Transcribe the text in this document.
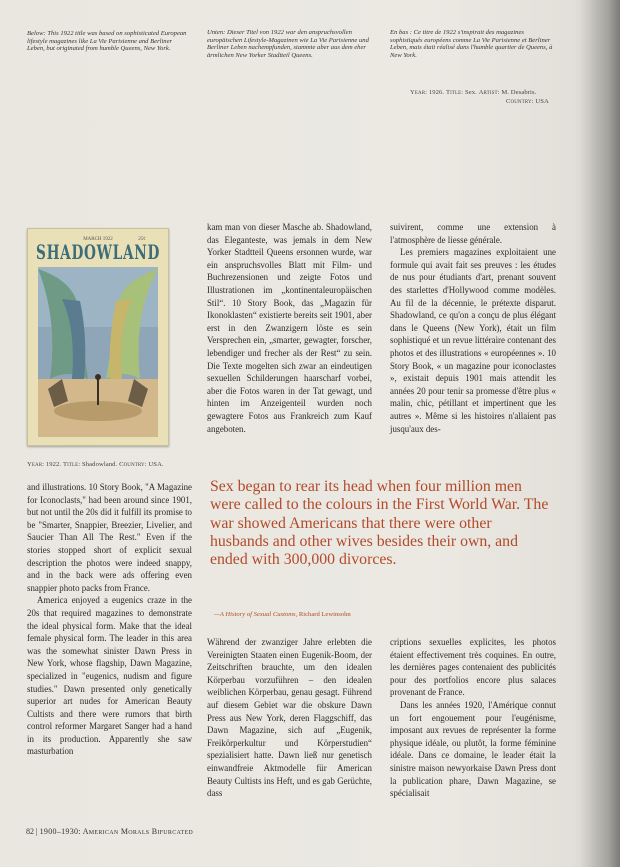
Below: This 1922 title was based on sophisticated European lifestyle magazines like La Vie Parisienne and Berliner Leben, but originated from humble Queens, New York.
Unten: Dieser Titel von 1922 war den anspruchsvollen europäischen Lifestyle-Magazinen wie La Vie Parisienne und Berliner Leben nachempfunden, stammte aber aus dem eher ärmlichen New Yorker Stadtteil Queens.
En bas : Ce titre de 1922 s'inspirait des magazines sophistiqués européens comme La Vie Parisienne et Berliner Leben, mais était réalisé dans l'humble quartier de Queens, à New York.
Year: 1926. Title: Sex. Artist: M. Desabris.
Country: USA
MARCH 1922	25¢
SHADOWLAND
Year: 1922. Title: Shadowland. Country: USA.

kam man von dieser Masche ab. Shadowland, das Eleganteste, was jemals in dem New Yorker Stadtteil Queens ersonnen wurde, war ein anspruchsvolles Blatt mit Film- und Buchrezensionen und zeigte Fotos und Illustrationen im „kontinentaleuropäischen Stil“. 10 Story Book, das „Magazin für Ikonoklasten“ existierte bereits seit 1901, aber erst in den Zwanzigern löste es sein Versprechen ein, „smarter, gewagter, forscher, lebendiger und frecher als der Rest“ zu sein. Die Texte mogelten sich zwar an eindeutigen sexuellen Schilderungen haarscharf vorbei, aber die Fotos waren in der Tat gewagt, und hinten im Anzeigenteil wurden noch gewagtere Fotos aus Frankreich zum Kauf angeboten.

suivirent, comme une extension à l'atmosphère de liesse générale.

Les premiers magazines exploitaient une formule qui avait fait ses preuves : les études de nus pour étudiants d'art, prenant souvent des starlettes d'Hollywood comme modèles. Au fil de la décennie, le prétexte disparut. Shadowland, ce qu'on a conçu de plus élégant dans le Queens (New York), était un film sophistiqué et un revue littéraire contenant des photos et des illustrations « européennes ». 10 Story Book, « un magazine pour iconoclastes », existait depuis 1901 mais attendit les années 20 pour tenir sa promesse d'être plus « malin, chic, pétillant et impertinent que les autres ». Même si les histoires n'allaient pas jusqu'aux des-

and illustrations. 10 Story Book, "A Magazine for Iconoclasts," had been around since 1901, but not until the 20s did it fulfill its promise to be "Smarter, Snappier, Breezier, Livelier, and Saucier Than All The Rest." Even if the stories stopped short of explicit sexual description the photos were indeed snappy, and in the back were ads offering even snappier photo packs from France.

America enjoyed a eugenics craze in the 20s that required magazines to demonstrate the ideal physical form. Make that the ideal female physical form. The leader in this area was the somewhat sinister Dawn Press in New York, whose flagship, Dawn Magazine, specialized in "eugenics, nudism and figure studies." Dawn presented only genetically superior art nudes for American Beauty Cultists and there were rumors that birth control reformer Margaret Sanger had a hand in its production. Apparently she saw masturbation

Sex began to rear its head when four million men were called to the colours in the First World War. The war showed Americans that there were other husbands and other wives besides their own, and ended with 300,000 divorces.
—A History of Sexual Customs, Richard Lewinsohn

Während der zwanziger Jahre erlebten die Vereinigten Staaten einen Eugenik-Boom, der Zeitschriften brauchte, um den idealen Körperbau vorzuführen – den idealen weiblichen Körperbau, genau gesagt. Führend auf diesem Gebiet war die obskure Dawn Press aus New York, deren Flaggschiff, das Dawn Magazine, sich auf „Eugenik, Freikörperkultur und Körperstudien“ spezialisiert hatte. Dawn ließ nur genetisch einwandfreie Aktmodelle für American Beauty Cultists ins Heft, und es gab Gerüchte, dass

criptions sexuelles explicites, les photos étaient effectivement très coquines. En outre, les dernières pages contenaient des publicités pour des portfolios encore plus salaces provenant de France.

Dans les années 1920, l'Amérique connut un fort engouement pour l'eugénisme, imposant aux revues de représenter la forme physique idéale, ou plutôt, la forme féminine idéale. Dans ce domaine, le leader était la sinistre maison newyorkaise Dawn Press dont la publication phare, Dawn Magazine, se spécialisait

82 | 1900–1930: American Morals Bifurcated
